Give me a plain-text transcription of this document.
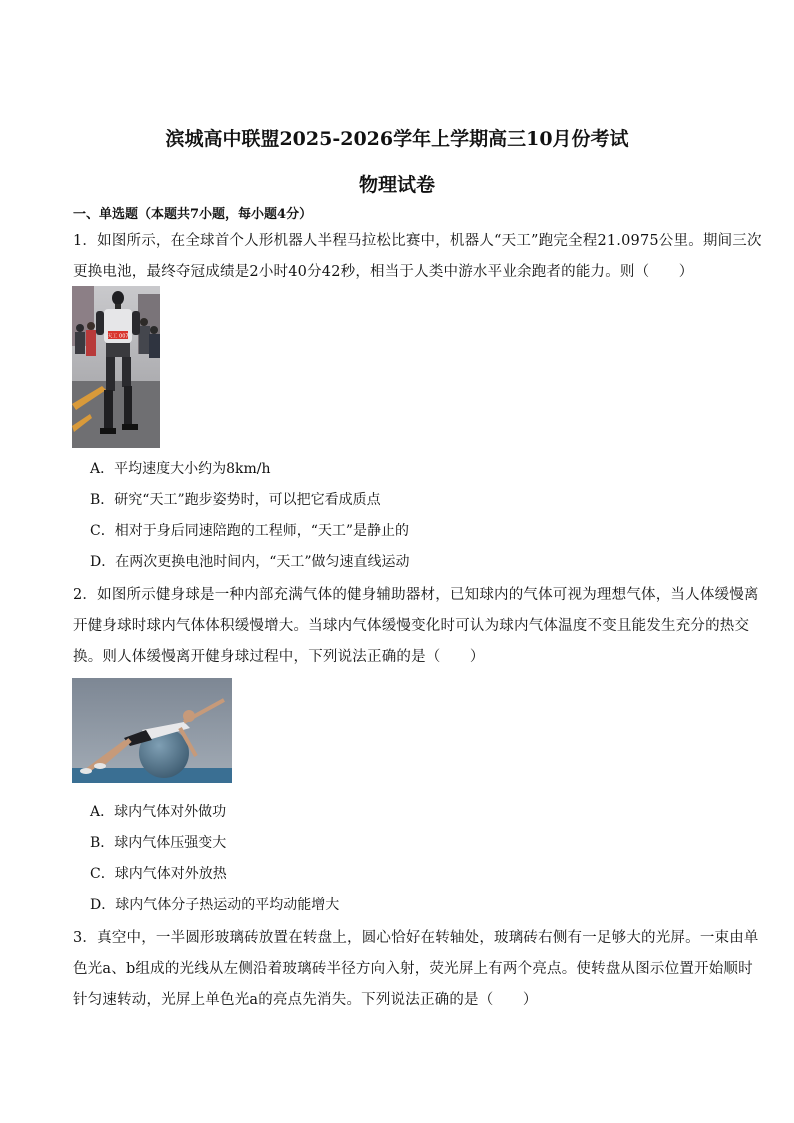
滨城高中联盟2025-2026学年上学期高三10月份考试
物理试卷
一、单选题（本题共7小题，每小题4分）
1．如图所示，在全球首个人形机器人半程马拉松比赛中，机器人“天工”跑完全程21.0975公里。期间三次
更换电池，最终夺冠成绩是2小时40分42秒，相当于人类中游水平业余跑者的能力。则（　　）
天工 007
A．平均速度大小约为8km/h
B．研究“天工”跑步姿势时，可以把它看成质点
C．相对于身后同速陪跑的工程师，“天工”是静止的
D．在两次更换电池时间内，“天工”做匀速直线运动
2．如图所示健身球是一种内部充满气体的健身辅助器材，已知球内的气体可视为理想气体，当人体缓慢离
开健身球时球内气体体积缓慢增大。当球内气体缓慢变化时可认为球内气体温度不变且能发生充分的热交
换。则人体缓慢离开健身球过程中，下列说法正确的是（　　）
A．球内气体对外做功
B．球内气体压强变大
C．球内气体对外放热
D．球内气体分子热运动的平均动能增大
3．真空中，一半圆形玻璃砖放置在转盘上，圆心恰好在转轴处，玻璃砖右侧有一足够大的光屏。一束由单
色光a、b组成的光线从左侧沿着玻璃砖半径方向入射，荧光屏上有两个亮点。使转盘从图示位置开始顺时
针匀速转动，光屏上单色光a的亮点先消失。下列说法正确的是（　　）
